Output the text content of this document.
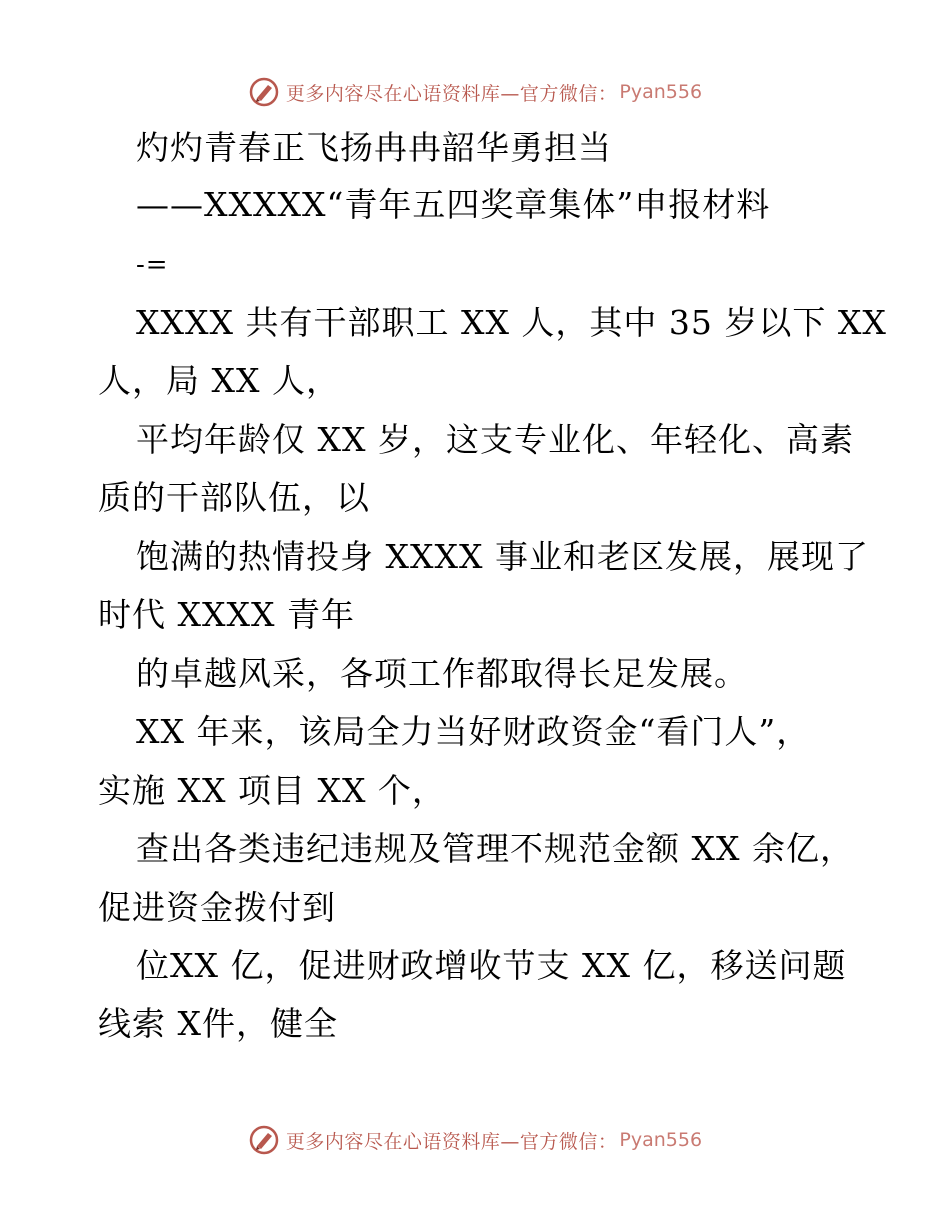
更多内容尽在心语资料库—官方微信： Pyan556
灼灼青春正飞扬冉冉韶华勇担当
——XXXXX“青年五四奖章集体”申报材料
-=
XXXX 共有干部职工 XX 人，其中 35 岁以下 XX
人，局 XX 人，
平均年龄仅 XX 岁，这支专业化、年轻化、高素
质的干部队伍，以
饱满的热情投身 XXXX 事业和老区发展，展现了
时代 XXXX 青年
的卓越风采，各项工作都取得长足发展。
XX 年来，该局全力当好财政资金“看门人”，
实施 XX 项目 XX 个，
查出各类违纪违规及管理不规范金额 XX 余亿，
促进资金拨付到
位XX 亿，促进财政增收节支 XX 亿，移送问题
线索 X件，健全
更多内容尽在心语资料库—官方微信： Pyan556
